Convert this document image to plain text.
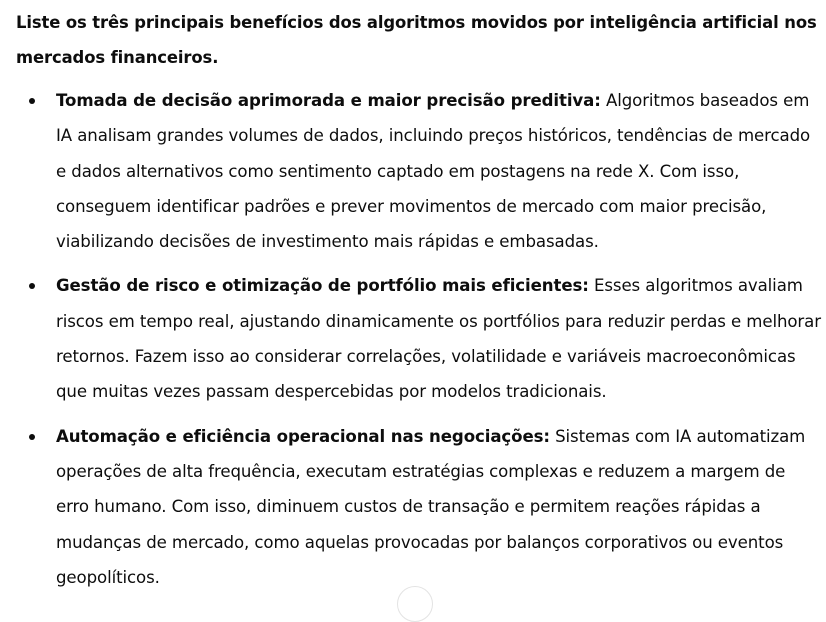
Liste os três principais benefícios dos algoritmos movidos por inteligência artificial nos mercados financeiros.

Tomada de decisão aprimorada e maior precisão preditiva: Algoritmos baseados em IA analisam grandes volumes de dados, incluindo preços históricos, tendências de mercado e dados alternativos como sentimento captado em postagens na rede X. Com isso, conseguem identificar padrões e prever movimentos de mercado com maior precisão, viabilizando decisões de investimento mais rápidas e embasadas.
Gestão de risco e otimização de portfólio mais eficientes: Esses algoritmos avaliam riscos em tempo real, ajustando dinamicamente os portfólios para reduzir perdas e melhorar retornos. Fazem isso ao considerar correlações, volatilidade e variáveis macroeconômicas que muitas vezes passam despercebidas por modelos tradicionais.
Automação e eficiência operacional nas negociações: Sistemas com IA automatizam operações de alta frequência, executam estratégias complexas e reduzem a margem de erro humano. Com isso, diminuem custos de transação e permitem reações rápidas a mudanças de mercado, como aquelas provocadas por balanços corporativos ou eventos geopolíticos.
